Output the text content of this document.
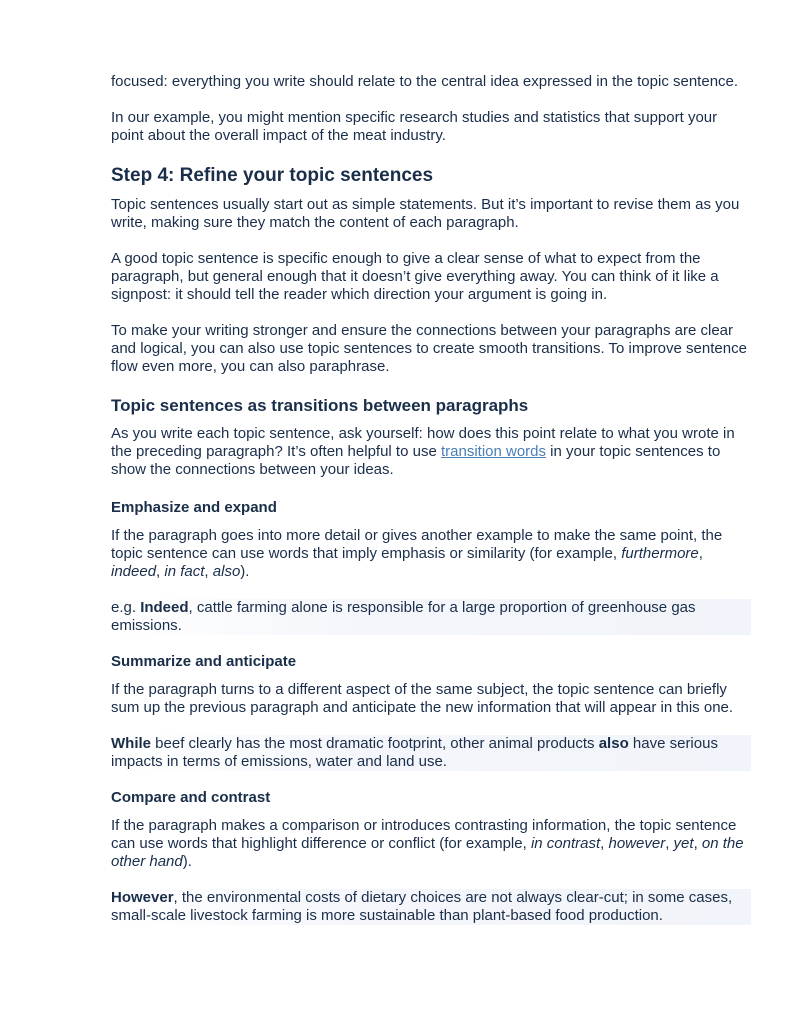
focused: everything you write should relate to the central idea expressed in the topic sentence.

In our example, you might mention specific research studies and statistics that support your point about the overall impact of the meat industry.

Step 4: Refine your topic sentences

Topic sentences usually start out as simple statements. But it’s important to revise them as you write, making sure they match the content of each paragraph.

A good topic sentence is specific enough to give a clear sense of what to expect from the paragraph, but general enough that it doesn’t give everything away. You can think of it like a signpost: it should tell the reader which direction your argument is going in.

To make your writing stronger and ensure the connections between your paragraphs are clear and logical, you can also use topic sentences to create smooth transitions. To improve sentence flow even more, you can also paraphrase.

Topic sentences as transitions between paragraphs

As you write each topic sentence, ask yourself: how does this point relate to what you wrote in the preceding paragraph? It’s often helpful to use transition words in your topic sentences to show the connections between your ideas.

Emphasize and expand

If the paragraph goes into more detail or gives another example to make the same point, the topic sentence can use words that imply emphasis or similarity (for example, furthermore, indeed, in fact, also).

e.g. Indeed, cattle farming alone is responsible for a large proportion of greenhouse gas emissions.

Summarize and anticipate

If the paragraph turns to a different aspect of the same subject, the topic sentence can briefly sum up the previous paragraph and anticipate the new information that will appear in this one.

While beef clearly has the most dramatic footprint, other animal products also have serious impacts in terms of emissions, water and land use.

Compare and contrast

If the paragraph makes a comparison or introduces contrasting information, the topic sentence can use words that highlight difference or conflict (for example, in contrast, however, yet, on the other hand).

However, the environmental costs of dietary choices are not always clear-cut; in some cases, small-scale livestock farming is more sustainable than plant-based food production.
